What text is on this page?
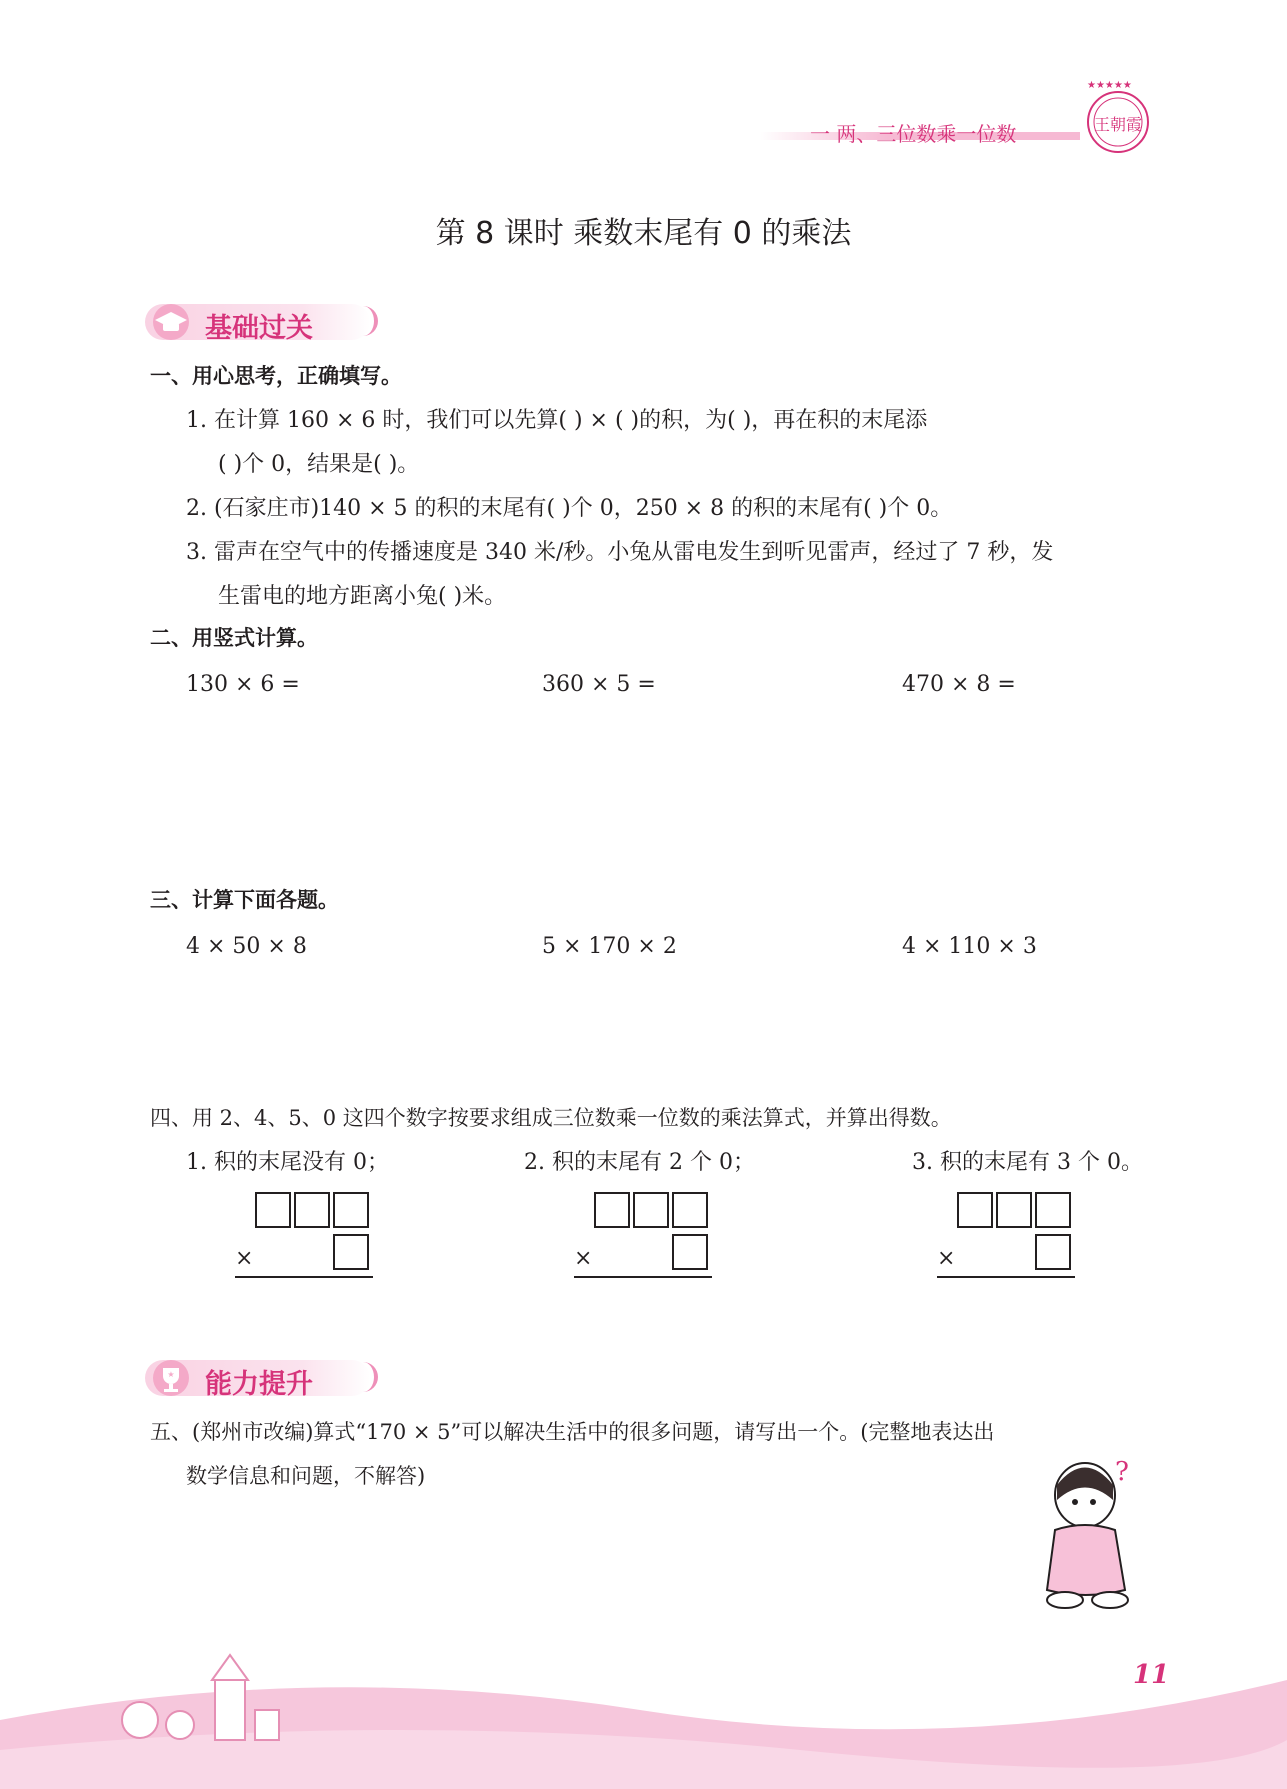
一 两、三位数乘一位数
★★★★★
王朝霞
第 8 课时 乘数末尾有 0 的乘法
基础过关
一、用心思考，正确填写。
1. 在计算 160 × 6 时，我们可以先算( ) × ( )的积，为( )，再在积的末尾添
( )个 0，结果是( )。
2. (石家庄市)140 × 5 的积的末尾有( )个 0，250 × 8 的积的末尾有( )个 0。
3. 雷声在空气中的传播速度是 340 米/秒。小兔从雷电发生到听见雷声，经过了 7 秒，发
生雷电的地方距离小兔( )米。
二、用竖式计算。
130 × 6 =	360 × 5 =	470 × 8 =
三、计算下面各题。
4 × 50 × 8	5 × 170 × 2	4 × 110 × 3
四、用 2、4、5、0 这四个数字按要求组成三位数乘一位数的乘法算式，并算出得数。
1. 积的末尾没有 0；	2. 积的末尾有 2 个 0；	3. 积的末尾有 3 个 0。
×	×	×
★ 能力提升
五、(郑州市改编)算式“170 × 5”可以解决生活中的很多问题，请写出一个。(完整地表达出
数学信息和问题，不解答)	?
11
